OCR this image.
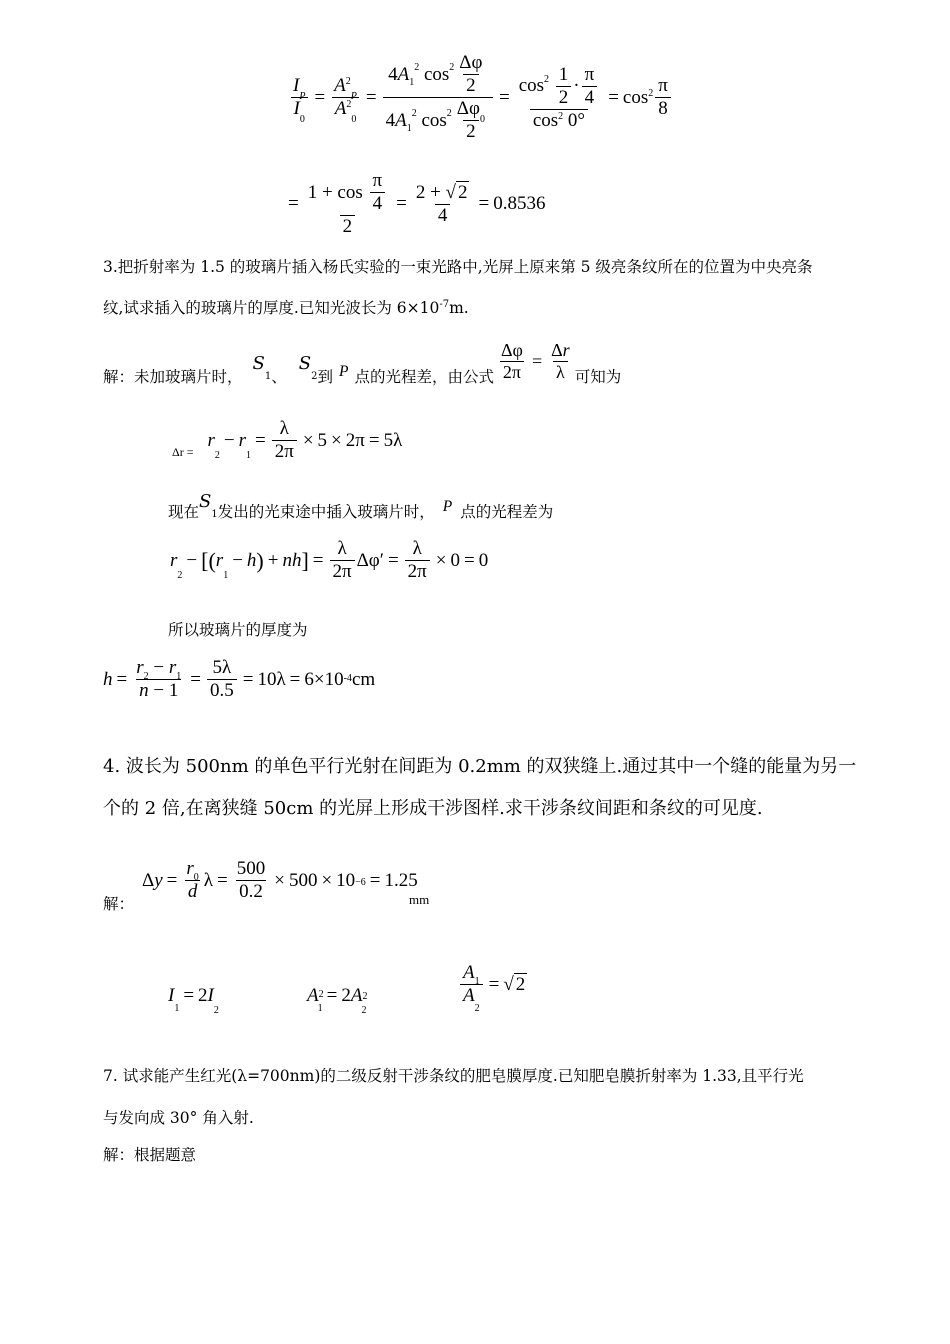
$\frac{I_P}{I_0} = \frac{A^2_P}{A^2_0} = 4$ A 1
2 $\cos 2 \frac{\Delta\varphi}{2}$
4 A 1
2 $\cos 2 \frac{\Delta\varphi_0}{2} = \cos 2$
$\frac{1}{2} \cdot \frac{\pi}{4}$
$\cos^2 0^\circ = \cos^2 \frac{\pi}{8}$
= $\frac{1 + \cos \frac{\pi}{4}}{2} = \frac{2 + √ 2}{4} = 0.8536$
3.把折射率为 1.5 的玻璃片插入杨氏实验的一束光路中,光屏上原来第 5 级亮条纹所在的位置为中央亮条
纹,试求插入的玻璃片的厚度.已知光波长为 $6\times 10^{-7}m$.
解：未加玻璃片时，
$S_1$ 、
$S_2$ 到 P 点的光程差，由公式 $\frac{\Delta\varphi}{2\pi} = \frac{\Delta r}{\lambda}$ 可知为
Δr =
$r_2$
− $r_1$
= $\frac{\lambda}{2\pi} \times 5 \times 2\pi = 5\lambda$
现在
$S_1$ 发出的光束途中插入玻璃片时， P 点的光程差为
$r_2$
− [ ( $r_1$
− h ) + nh ] = $\frac{\lambda}{2\pi} \Delta\varphi' = \frac{\lambda}{2\pi} \times 0 = 0$
所以玻璃片的厚度为
$h = \frac{r_2 - r_1}{n - 1} = \frac{5\lambda}{0.5} = 10\lambda = 6\times 10$ -4 cm
4. 波长为 500nm 的单色平行光射在间距为 0.2mm 的双狭缝上.通过其中一个缝的能量为另一
个的 2 倍,在离狭缝 50cm 的光屏上形成干涉图样.求干涉条纹间距和条纹的可见度.
解：
$\Delta y = \frac{r_0}{d}$ $\lambda = \frac{500}{0.2} \times 500 \times 10-6 = 1.25$
mm
I
1
= $2I_2$
A 2
1
= $2A2_2$
$\frac{A_1}{A_2}$ = √ 2
7. 试求能产生红光(λ=700nm)的二级反射干涉条纹的肥皂膜厚度.已知肥皂膜折射率为 1.33,且平行光
与发向成 30° 角入射.
解：根据题意
